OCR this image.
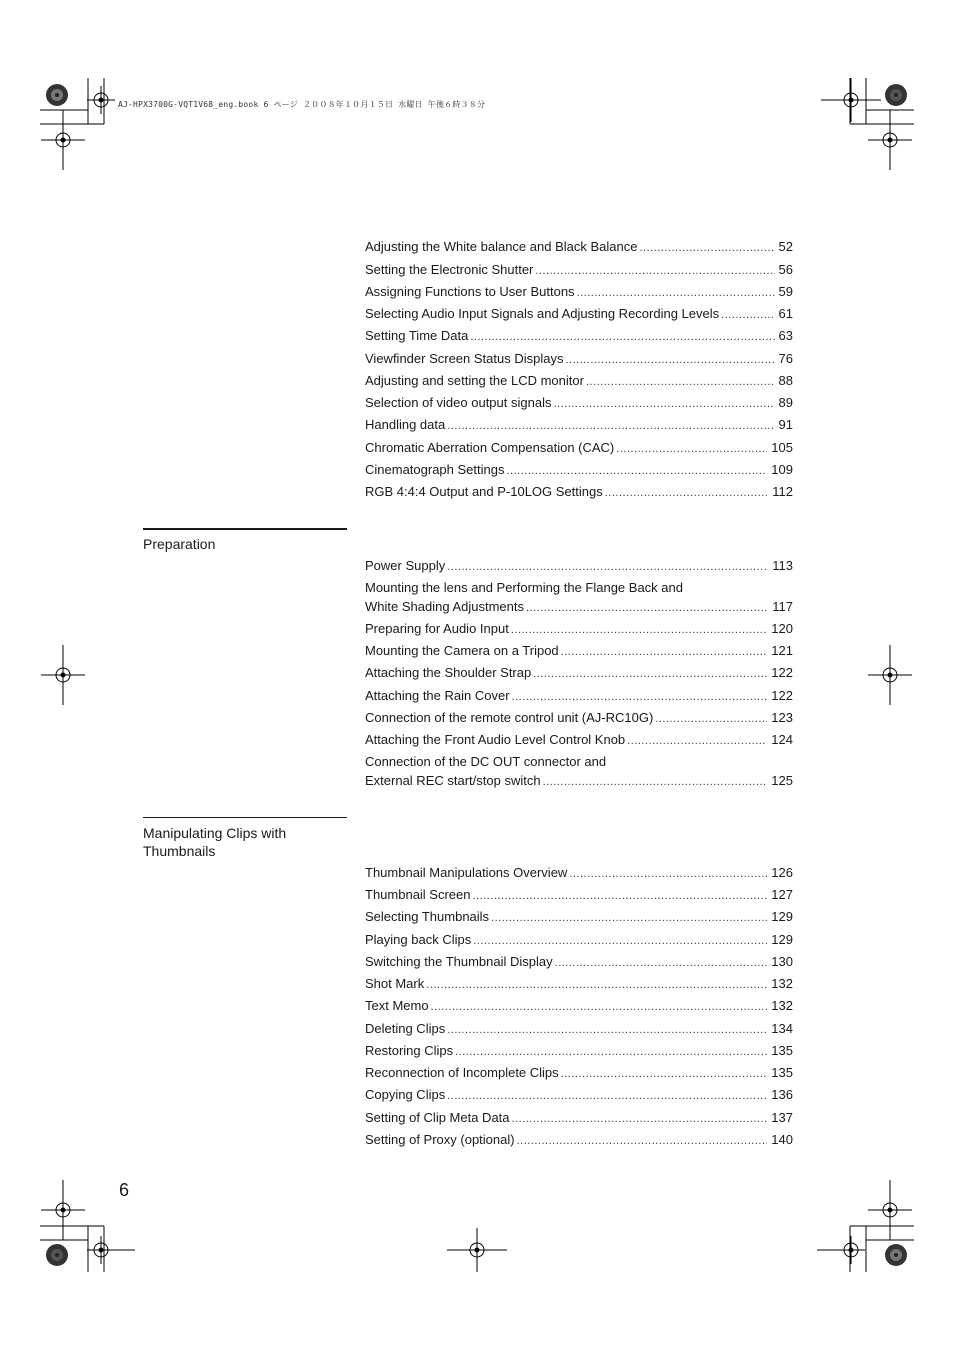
AJ-HPX3700G-VQT1V68_eng.book 6 ページ ２００８年１０月１５日 水曜日 午後６時３８分
Adjusting the White balance and Black Balance .....	52
Setting the Electronic Shutter .....	56
Assigning Functions to User Buttons .....	59
Selecting Audio Input Signals and Adjusting Recording Levels .....	61
Setting Time Data .....	63
Viewfinder Screen Status Displays .....	76
Adjusting and setting the LCD monitor .....	88
Selection of video output signals .....	89
Handling data .....	91
Chromatic Aberration Compensation (CAC) .....	105
Cinematograph Settings .....	109
RGB 4:4:4 Output and P-10LOG Settings .....	112
Preparation
Power Supply .....	113
Mounting the lens and Performing the Flange Back and
White Shading Adjustments .....	117
Preparing for Audio Input .....	120
Mounting the Camera on a Tripod .....	121
Attaching the Shoulder Strap .....	122
Attaching the Rain Cover .....	122
Connection of the remote control unit (AJ-RC10G) .....	123
Attaching the Front Audio Level Control Knob .....	124
Connection of the DC OUT connector and
External REC start/stop switch .....	125
Manipulating Clips with
Thumbnails
Thumbnail Manipulations Overview .....	126
Thumbnail Screen .....	127
Selecting Thumbnails .....	129
Playing back Clips .....	129
Switching the Thumbnail Display .....	130
Shot Mark .....	132
Text Memo .....	132
Deleting Clips .....	134
Restoring Clips .....	135
Reconnection of Incomplete Clips .....	135
Copying Clips .....	136
Setting of Clip Meta Data .....	137
Setting of Proxy (optional) .....	140
6
